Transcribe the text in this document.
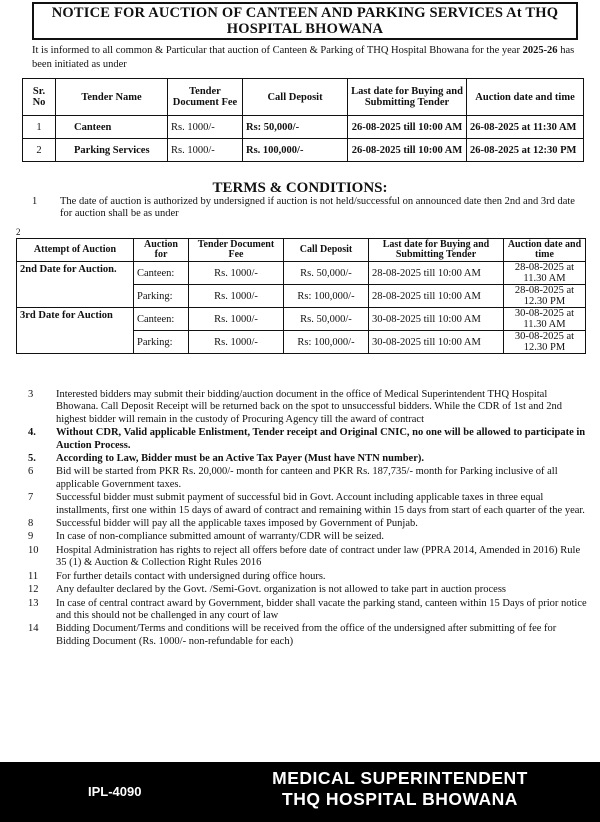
NOTICE FOR AUCTION OF CANTEEN AND PARKING SERVICES At THQ HOSPITAL BHOWANA
It is informed to all common & Particular that auction of Canteen & Parking of THQ Hospital Bhowana for the year 2025-26 has been initiated as under
Sr. No	Tender Name	Tender Document Fee	Call Deposit	Last date for Buying and Submitting Tender	Auction date and time
1	Canteen	Rs. 1000/-	Rs: 50,000/-	26-08-2025 till 10:00 AM	26-08-2025 at 11:30 AM
2	Parking Services	Rs. 1000/-	Rs. 100,000/-	26-08-2025 till 10:00 AM	26-08-2025 at 12:30 PM
TERMS & CONDITIONS:
1 The date of auction is authorized by undersigned if auction is not held/successful on announced date then 2nd and 3rd date for auction shall be as under
2
Attempt of Auction	Auction for	Tender Document Fee	Call Deposit	Last date for Buying and Submitting Tender	Auction date and time
2nd Date for Auction.	Canteen:	Rs. 1000/-	Rs. 50,000/-	28-08-2025 till 10:00 AM	28-08-2025 at 11.30 AM
	Parking:	Rs. 1000/-	Rs: 100,000/-	28-08-2025 till 10:00 AM	28-08-2025 at 12.30 PM
3rd Date for Auction	Canteen:	Rs. 1000/-	Rs. 50,000/-	30-08-2025 till 10:00 AM	30-08-2025 at 11.30 AM
	Parking:	Rs. 1000/-	Rs: 100,000/-	30-08-2025 till 10:00 AM	30-08-2025 at 12.30 PM
3 Interested bidders may submit their bidding/auction document in the office of Medical Superintendent THQ Hospital Bhowana. Call Deposit Receipt will be returned back on the spot to unsuccessful bidders. While the CDR of 1st and 2nd highest bidder will remain in the custody of Procuring Agency till the award of contract
4. Without CDR, Valid applicable Enlistment, Tender receipt and Original CNIC, no one will be allowed to participate in Auction Process.
5. According to Law, Bidder must be an Active Tax Payer (Must have NTN number).
6 Bid will be started from PKR Rs. 20,000/- month for canteen and PKR Rs. 187,735/- month for Parking inclusive of all applicable Government taxes.
7 Successful bidder must submit payment of successful bid in Govt. Account including applicable taxes in three equal installments, first one within 15 days of award of contract and remaining within 15 days from start of each quarter of the year.
8 Successful bidder will pay all the applicable taxes imposed by Government of Punjab.
9 In case of non-compliance submitted amount of warranty/CDR will be seized.
10 Hospital Administration has rights to reject all offers before date of contract under law (PPRA 2014, Amended in 2016) Rule 35 (1) & Auction & Collection Right Rules 2016
11 For further details contact with undersigned during office hours.
12 Any defaulter declared by the Govt. /Semi-Govt. organization is not allowed to take part in auction process
13 In case of central contract award by Government, bidder shall vacate the parking stand, canteen within 15 Days of prior notice and this should not be challenged in any court of law
14 Bidding Document/Terms and conditions will be received from the office of the undersigned after submitting of fee for Bidding Document (Rs. 1000/- non-refundable for each)
IPL-4090
MEDICAL SUPERINTENDENT
THQ HOSPITAL BHOWANA
